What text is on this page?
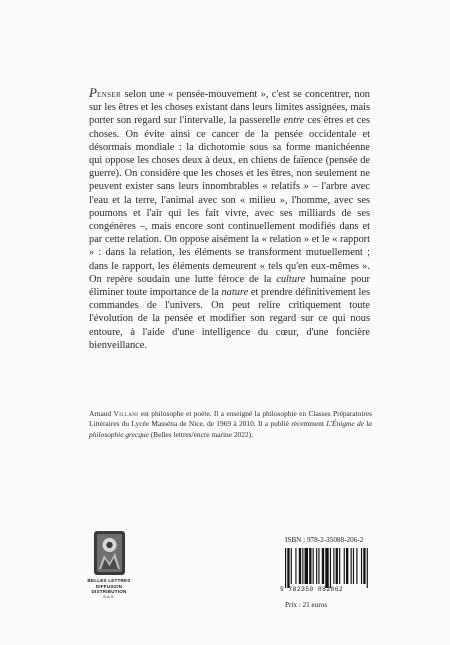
Penser selon une « pensée-mouvement », c'est se concentrer, non sur les êtres et les choses existant dans leurs limites assignées, mais porter son regard sur l'intervalle, la passerelle entre ces êtres et ces choses. On évite ainsi ce cancer de la pensée occidentale et désormais mondiale : la dichotomie sous sa forme manichéenne qui oppose les choses deux à deux, en chiens de faïence (pensée de guerre). On considère que les choses et les êtres, non seulement ne peuvent exister sans leurs innombrables « relatifs » – l'arbre avec l'eau et la terre, l'animal avec son « milieu », l'homme, avec ses poumons et l'air qui les fait vivre, avec ses milliards de ses congénères –, mais encore sont continuellement modifiés dans et par cette relation. On oppose aisément la « relation » et le « rapport » : dans la relation, les éléments se transforment mutuellement ; dans le rapport, les éléments demeurent « tels qu'en eux-mêmes ». On repère soudain une lutte féroce de la culture humaine pour éliminer toute importance de la nature et prendre définitivement les commandes de l'univers. On peut relire critiquement toute l'évolution de la pensée et modifier son regard sur ce qui nous entoure, à l'aide d'une intelligence du cœur, d'une foncière bienveillance.

Arnaud Villani est philosophe et poète. Il a enseigné la philosophie en Classes Préparatoires Littéraires du Lycée Masséna de Nice, de 1969 à 2010. Il a publié récemment L'Énigme de la philosophie grecque (Belles lettres/encre marine 2022).

BELLES LETTRES
DIFFUSION
DISTRIBUTION
S.A.S.
ISBN : 978-2-35088-206-2
9 782350 882062
Prix : 21 euros
